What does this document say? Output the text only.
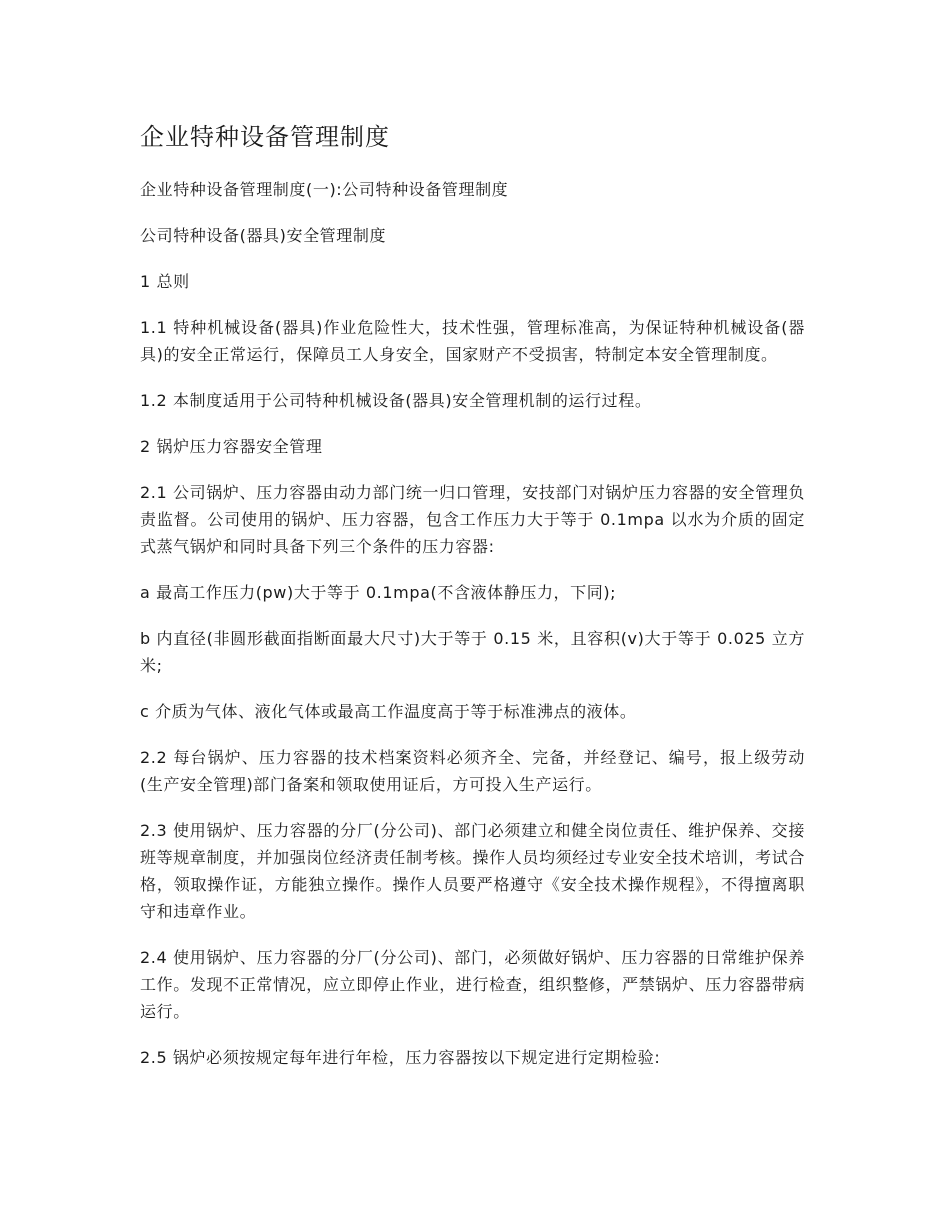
企业特种设备管理制度

企业特种设备管理制度(一):公司特种设备管理制度

公司特种设备(器具)安全管理制度

1 总则

1.1 特种机械设备(器具)作业危险性大，技术性强，管理标准高，为保证特种机械设备(器具)的安全正常运行，保障员工人身安全，国家财产不受损害，特制定本安全管理制度。

1.2 本制度适用于公司特种机械设备(器具)安全管理机制的运行过程。

2 锅炉压力容器安全管理

2.1 公司锅炉、压力容器由动力部门统一归口管理，安技部门对锅炉压力容器的安全管理负责监督。公司使用的锅炉、压力容器，包含工作压力大于等于 0.1mpa 以水为介质的固定式蒸气锅炉和同时具备下列三个条件的压力容器:

a 最高工作压力(pw)大于等于 0.1mpa(不含液体静压力，下同);

b 内直径(非圆形截面指断面最大尺寸)大于等于 0.15 米，且容积(v)大于等于 0.025 立方米;

c 介质为气体、液化气体或最高工作温度高于等于标准沸点的液体。

2.2 每台锅炉、压力容器的技术档案资料必须齐全、完备，并经登记、编号，报上级劳动(生产安全管理)部门备案和领取使用证后，方可投入生产运行。

2.3 使用锅炉、压力容器的分厂(分公司)、部门必须建立和健全岗位责任、维护保养、交接班等规章制度，并加强岗位经济责任制考核。操作人员均须经过专业安全技术培训，考试合格，领取操作证，方能独立操作。操作人员要严格遵守《安全技术操作规程》，不得擅离职守和违章作业。

2.4 使用锅炉、压力容器的分厂(分公司)、部门，必须做好锅炉、压力容器的日常维护保养工作。发现不正常情况，应立即停止作业，进行检查，组织整修，严禁锅炉、压力容器带病运行。

2.5 锅炉必须按规定每年进行年检，压力容器按以下规定进行定期检验:
